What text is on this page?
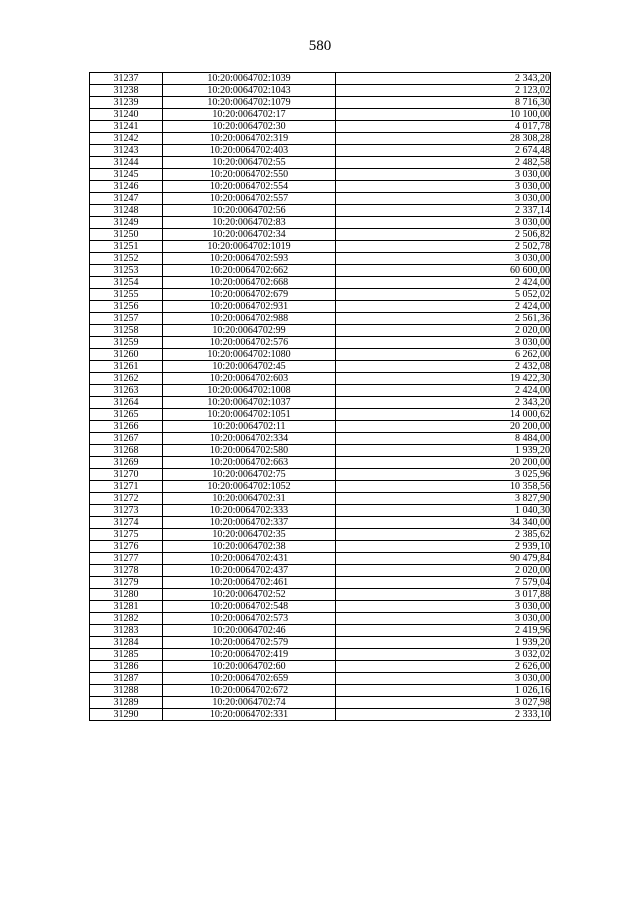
580
31237	10:20:0064702:1039	2 343,20
31238	10:20:0064702:1043	2 123,02
31239	10:20:0064702:1079	8 716,30
31240	10:20:0064702:17	10 100,00
31241	10:20:0064702:30	4 017,78
31242	10:20:0064702:319	28 308,28
31243	10:20:0064702:403	2 674,48
31244	10:20:0064702:55	2 482,58
31245	10:20:0064702:550	3 030,00
31246	10:20:0064702:554	3 030,00
31247	10:20:0064702:557	3 030,00
31248	10:20:0064702:56	2 337,14
31249	10:20:0064702:83	3 030,00
31250	10:20:0064702:34	2 506,82
31251	10:20:0064702:1019	2 502,78
31252	10:20:0064702:593	3 030,00
31253	10:20:0064702:662	60 600,00
31254	10:20:0064702:668	2 424,00
31255	10:20:0064702:679	5 052,02
31256	10:20:0064702:931	2 424,00
31257	10:20:0064702:988	2 561,36
31258	10:20:0064702:99	2 020,00
31259	10:20:0064702:576	3 030,00
31260	10:20:0064702:1080	6 262,00
31261	10:20:0064702:45	2 432,08
31262	10:20:0064702:603	19 422,30
31263	10:20:0064702:1008	2 424,00
31264	10:20:0064702:1037	2 343,20
31265	10:20:0064702:1051	14 000,62
31266	10:20:0064702:11	20 200,00
31267	10:20:0064702:334	8 484,00
31268	10:20:0064702:580	1 939,20
31269	10:20:0064702:663	20 200,00
31270	10:20:0064702:75	3 025,96
31271	10:20:0064702:1052	10 358,56
31272	10:20:0064702:31	3 827,90
31273	10:20:0064702:333	1 040,30
31274	10:20:0064702:337	34 340,00
31275	10:20:0064702:35	2 385,62
31276	10:20:0064702:38	2 939,10
31277	10:20:0064702:431	90 479,84
31278	10:20:0064702:437	2 020,00
31279	10:20:0064702:461	7 579,04
31280	10:20:0064702:52	3 017,88
31281	10:20:0064702:548	3 030,00
31282	10:20:0064702:573	3 030,00
31283	10:20:0064702:46	2 419,96
31284	10:20:0064702:579	1 939,20
31285	10:20:0064702:419	3 032,02
31286	10:20:0064702:60	2 626,00
31287	10:20:0064702:659	3 030,00
31288	10:20:0064702:672	1 026,16
31289	10:20:0064702:74	3 027,98
31290	10:20:0064702:331	2 333,10
